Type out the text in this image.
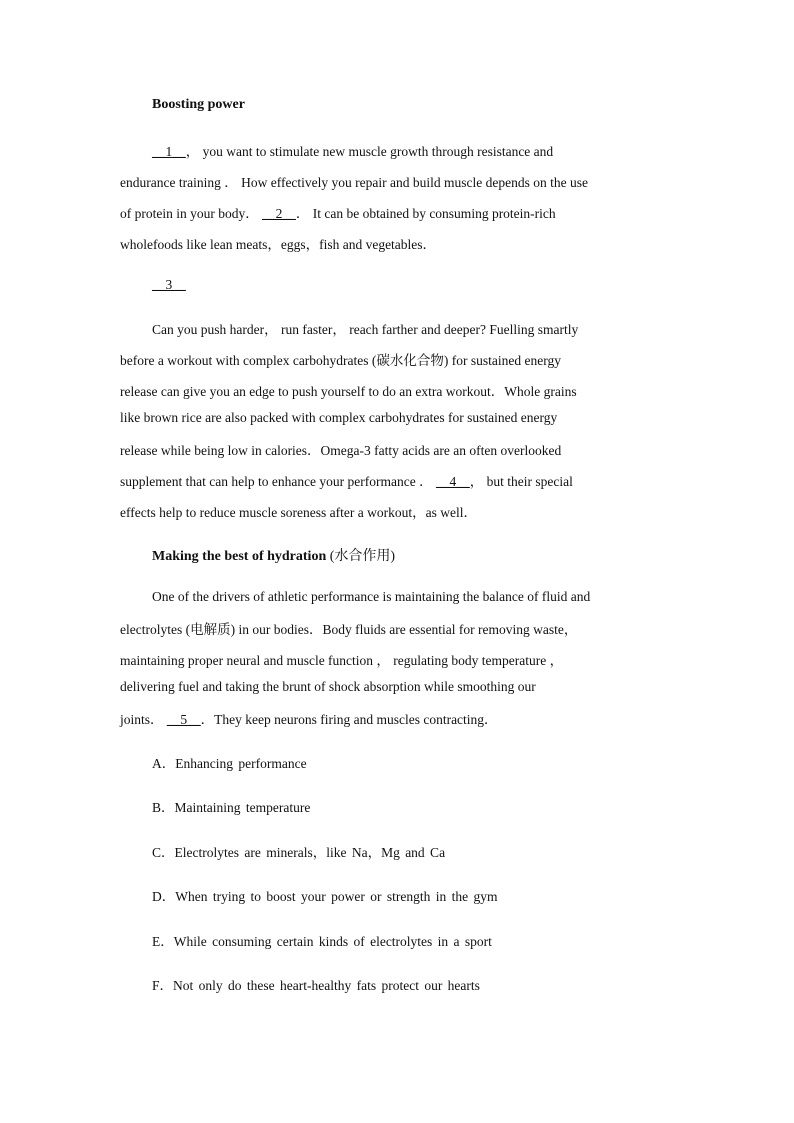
Boosting power
__1__， you want to stimulate new muscle growth through resistance and
endurance training ． How effectively you repair and build muscle depends on the use
of protein in your body． __2__． It can be obtained by consuming protein-rich
wholefoods like lean meats，eggs，fish and vegetables．
__3__
Can you push harder， run faster， reach farther and deeper? Fuelling smartly
before a workout with complex carbohydrates (碳水化合物) for sustained energy
release can give you an edge to push yourself to do an extra workout．Whole grains
like brown rice are also packed with complex carbohydrates for sustained energy
release while being low in calories．Omega-3 fatty acids are an often overlooked
supplement that can help to enhance your performance ． __4__， but their special
effects help to reduce muscle soreness after a workout，as well．
Making the best of hydration (水合作用)
One of the drivers of athletic performance is maintaining the balance of fluid and
electrolytes (电解质) in our bodies．Body fluids are essential for removing waste，
maintaining proper neural and muscle function ， regulating body temperature ，
delivering fuel and taking the brunt of shock absorption while smoothing our
joints． __5__．They keep neurons firing and muscles contracting．
A．Enhancing performance
B．Maintaining temperature
C．Electrolytes are minerals，like Na，Mg and Ca
D．When trying to boost your power or strength in the gym
E．While consuming certain kinds of electrolytes in a sport
F．Not only do these heart-healthy fats protect our hearts
